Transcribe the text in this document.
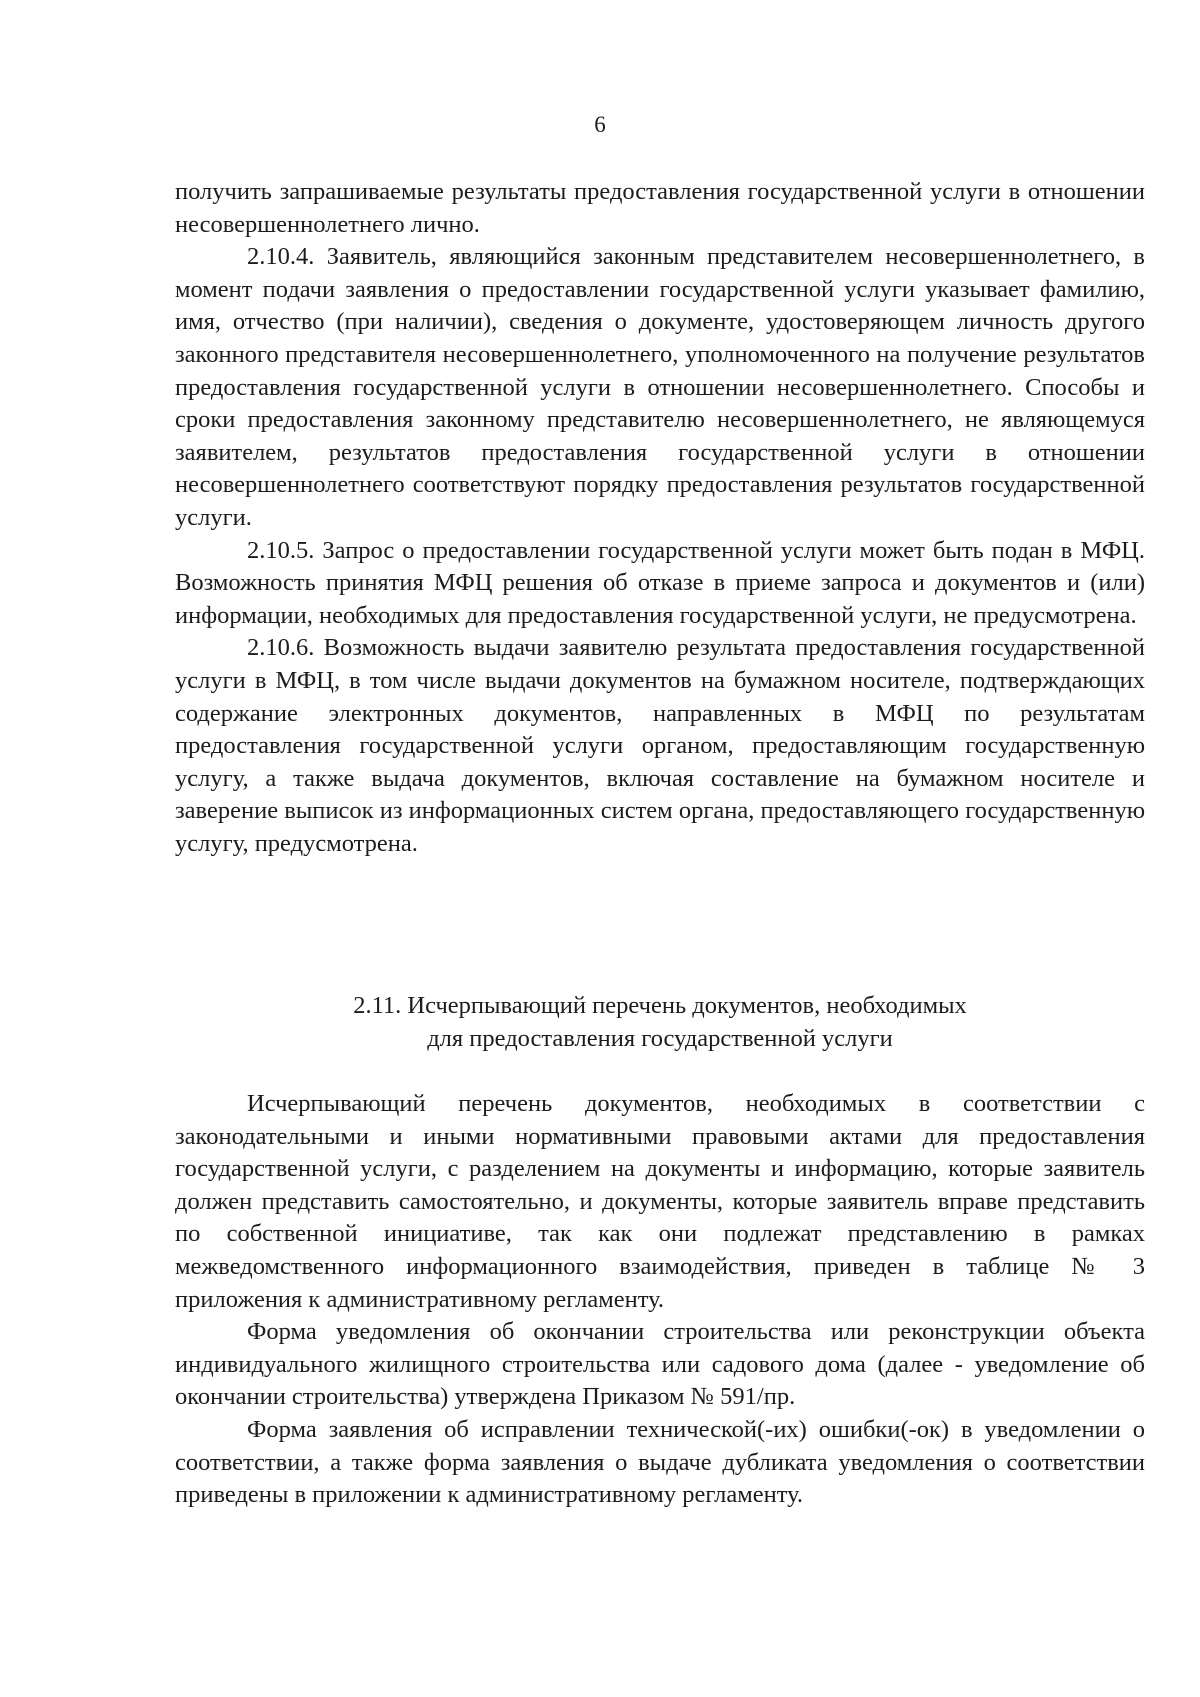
6

получить запрашиваемые результаты предоставления государственной услуги в отношении несовершеннолетнего лично.

2.10.4. Заявитель, являющийся законным представителем несовершеннолетнего, в момент подачи заявления о предоставлении государственной услуги указывает фамилию, имя, отчество (при наличии), сведения о документе, удостоверяющем личность другого законного представителя несовершеннолетнего, уполномоченного на получение результатов предоставления государственной услуги в отношении несовершеннолетнего. Способы и сроки предоставления законному представителю несовершеннолетнего, не являющемуся заявителем, результатов предоставления государственной услуги в отношении несовершеннолетнего соответствуют порядку предоставления результатов государственной услуги.

2.10.5. Запрос о предоставлении государственной услуги может быть подан в МФЦ. Возможность принятия МФЦ решения об отказе в приеме запроса и документов и (или) информации, необходимых для предоставления государственной услуги, не предусмотрена.

2.10.6. Возможность выдачи заявителю результата предоставления государственной услуги в МФЦ, в том числе выдачи документов на бумажном носителе, подтверждающих содержание электронных документов, направленных в МФЦ по результатам предоставления государственной услуги органом, предоставляющим государственную услугу, а также выдача документов, включая составление на бумажном носителе и заверение выписок из информационных систем органа, предоставляющего государственную услугу, предусмотрена.

2.11. Исчерпывающий перечень документов, необходимых
для предоставления государственной услуги

Исчерпывающий перечень документов, необходимых в соответствии с законодательными и иными нормативными правовыми актами для предоставления государственной услуги, с разделением на документы и информацию, которые заявитель должен представить самостоятельно, и документы, которые заявитель вправе представить по собственной инициативе, так как они подлежат представлению в рамках межведомственного информационного взаимодействия, приведен в таблице № 3 приложения к административному регламенту.

Форма уведомления об окончании строительства или реконструкции объекта индивидуального жилищного строительства или садового дома (далее - уведомление об окончании строительства) утверждена Приказом № 591/пр.

Форма заявления об исправлении технической(-их) ошибки(-ок) в уведомлении о соответствии, а также форма заявления о выдаче дубликата уведомления о соответствии приведены в приложении к административному регламенту.
